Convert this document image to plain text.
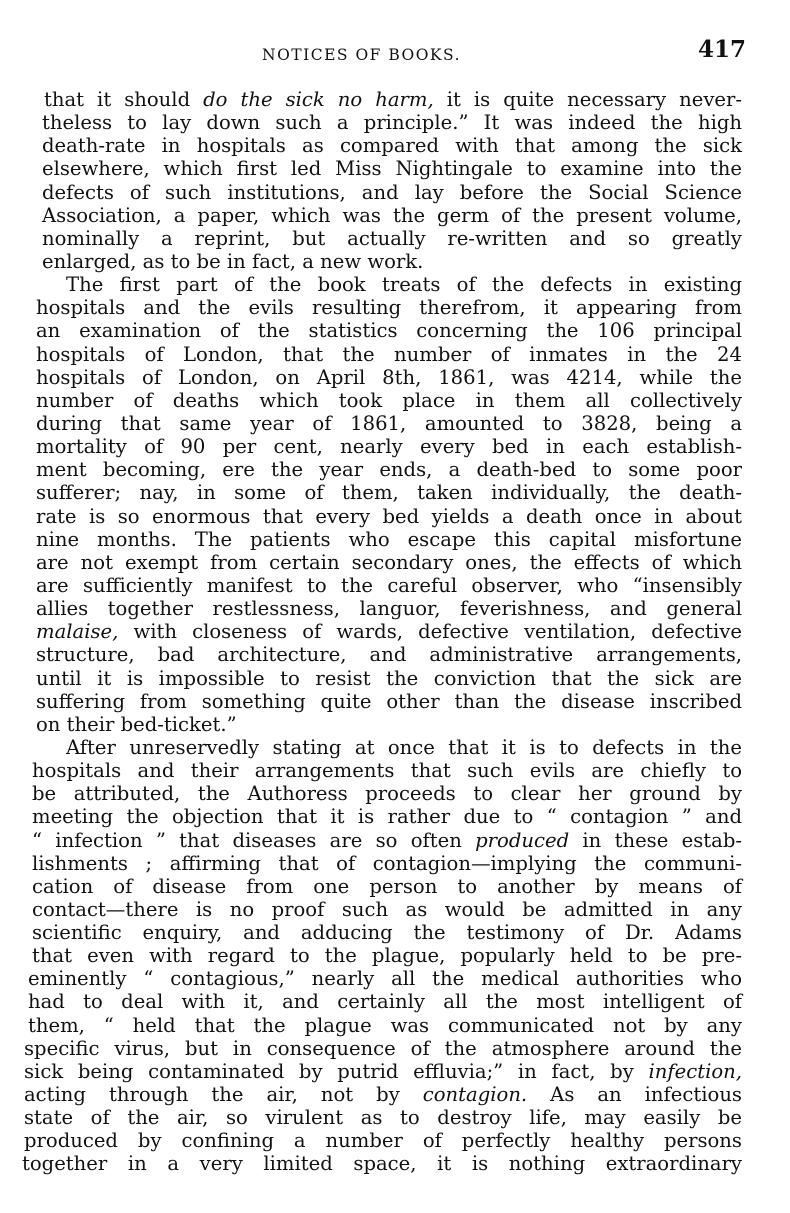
NOTICES OF BOOKS.	417
that it should do the sick no harm, it is quite necessary never-
theless to lay down such a principle.” It was indeed the high
death-rate in hospitals as compared with that among the sick
elsewhere, which first led Miss Nightingale to examine into the
defects of such institutions, and lay before the Social Science
Association, a paper, which was the germ of the present volume,
nominally a reprint, but actually re-written and so greatly
enlarged, as to be in fact, a new work.
The first part of the book treats of the defects in existing
hospitals and the evils resulting therefrom, it appearing from
an examination of the statistics concerning the 106 principal
hospitals of London, that the number of inmates in the 24
hospitals of London, on April 8th, 1861, was 4214, while the
number of deaths which took place in them all collectively
during that same year of 1861, amounted to 3828, being a
mortality of 90 per cent, nearly every bed in each establish-
ment becoming, ere the year ends, a death-bed to some poor
sufferer; nay, in some of them, taken individually, the death-
rate is so enormous that every bed yields a death once in about
nine months. The patients who escape this capital misfortune
are not exempt from certain secondary ones, the effects of which
are sufficiently manifest to the careful observer, who “insensibly
allies together restlessness, languor, feverishness, and general
malaise, with closeness of wards, defective ventilation, defective
structure, bad architecture, and administrative arrangements,
until it is impossible to resist the conviction that the sick are
suffering from something quite other than the disease inscribed
on their bed-ticket.”
After unreservedly stating at once that it is to defects in the
hospitals and their arrangements that such evils are chiefly to
be attributed, the Authoress proceeds to clear her ground by
meeting the objection that it is rather due to “ contagion ” and
“ infection ” that diseases are so often produced in these estab-
lishments ; affirming that of contagion—implying the communi-
cation of disease from one person to another by means of
contact—there is no proof such as would be admitted in any
scientific enquiry, and adducing the testimony of Dr. Adams
that even with regard to the plague, popularly held to be pre-
eminently “ contagious,” nearly all the medical authorities who
had to deal with it, and certainly all the most intelligent of
them, “ held that the plague was communicated not by any
specific virus, but in consequence of the atmosphere around the
sick being contaminated by putrid effluvia;” in fact, by infection,
acting through the air, not by contagion. As an infectious
state of the air, so virulent as to destroy life, may easily be
produced by confining a number of perfectly healthy persons
together in a very limited space, it is nothing extraordinary
